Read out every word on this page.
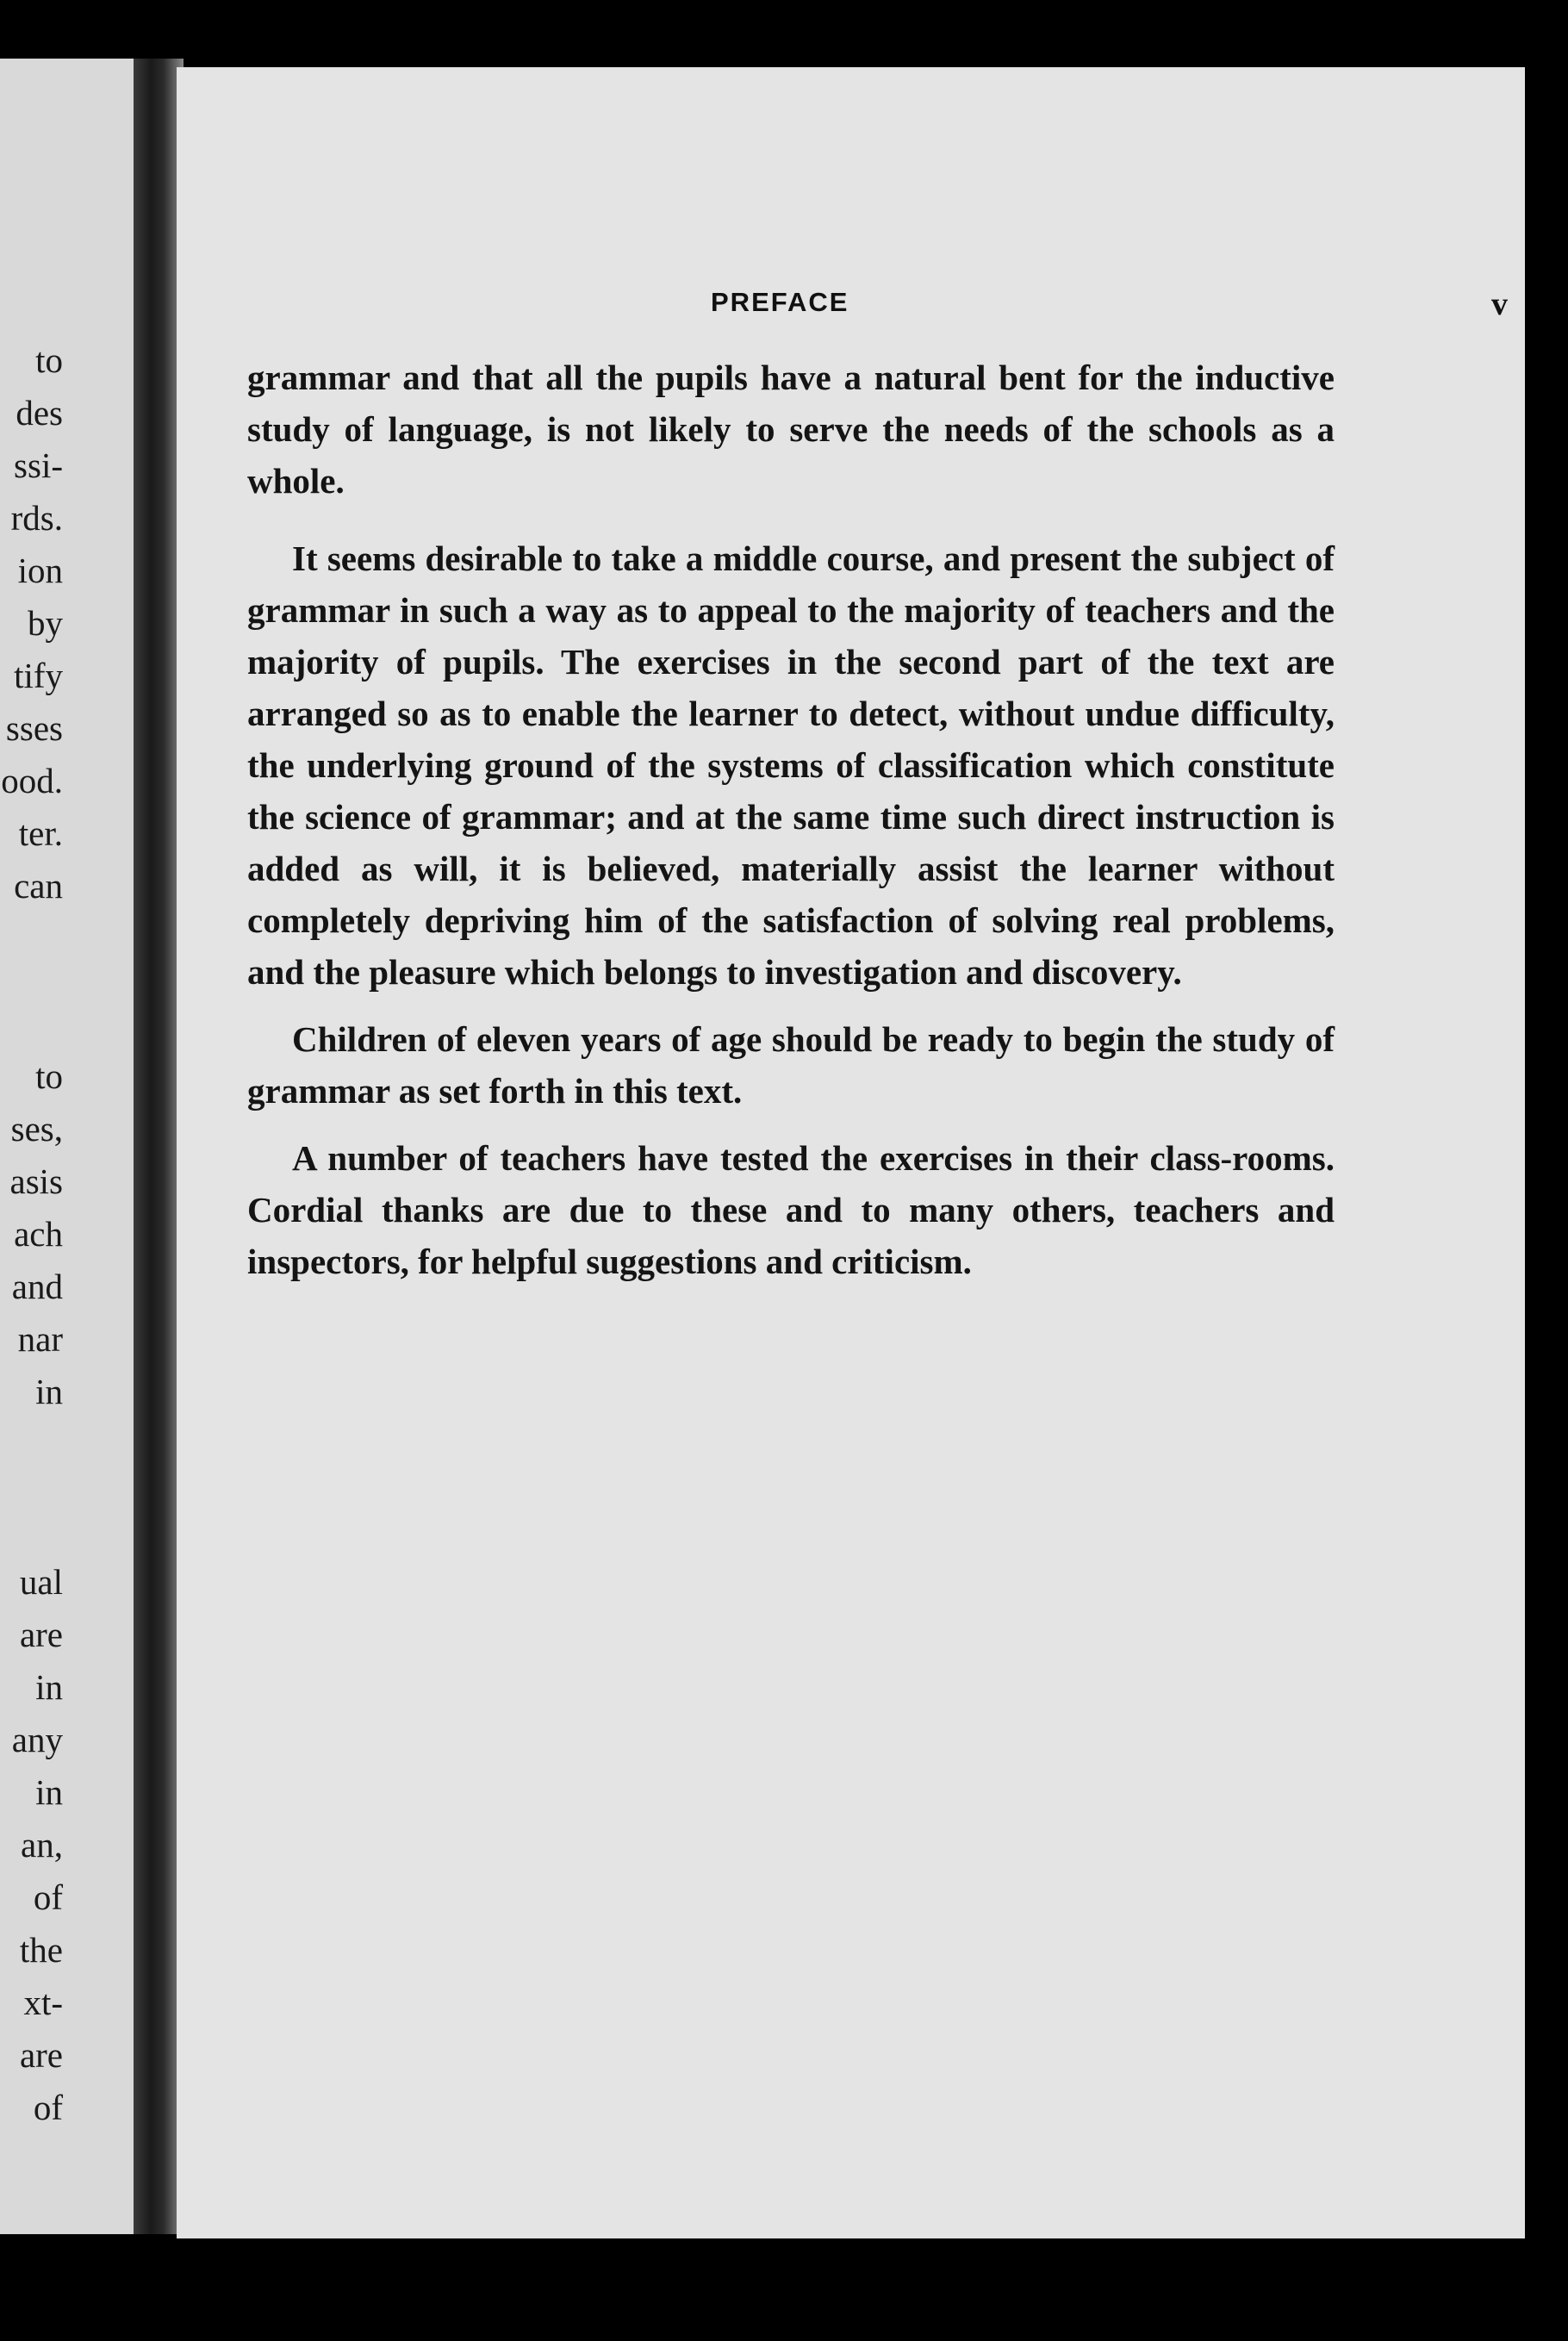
to
des
ssi-
rds.
ion
by
tify
sses
ood.
ter.
can
to
ses,
asis
ach
and
nar
in
ual
are
in
any
in
an,
of
the
xt-
are
of
PREFACE	v

grammar and that all the pupils have a natural bent for the inductive study of language, is not likely to serve the needs of the schools as a whole.

It seems desirable to take a middle course, and present the subject of grammar in such a way as to appeal to the majority of teachers and the majority of pupils. The exercises in the second part of the text are arranged so as to enable the learner to detect, without undue difficulty, the underlying ground of the systems of classification which constitute the science of grammar; and at the same time such direct instruction is added as will, it is believed, materially assist the learner without completely depriving him of the satisfaction of solving real problems, and the pleasure which belongs to investigation and discovery.

Children of eleven years of age should be ready to begin the study of grammar as set forth in this text.

A number of teachers have tested the exercises in their class-rooms. Cordial thanks are due to these and to many others, teachers and inspectors, for helpful suggestions and criticism.
